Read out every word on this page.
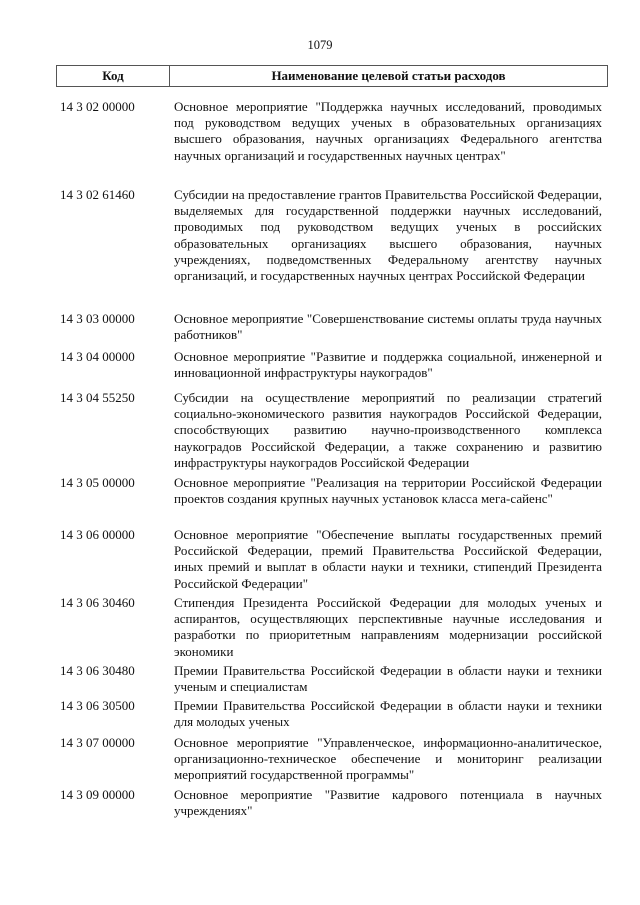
1079
Код	Наименование целевой статьи расходов
14 3 02 00000	Основное мероприятие "Поддержка научных исследований, проводимых под руководством ведущих ученых в образовательных организациях высшего образования, научных организациях Федерального агентства научных организаций и государственных научных центрах"
14 3 02 61460	Субсидии на предоставление грантов Правительства Российской Федерации, выделяемых для государственной поддержки научных исследований, проводимых под руководством ведущих ученых в российских образовательных организациях высшего образования, научных учреждениях, подведомственных Федеральному агентству научных организаций, и государственных научных центрах Российской Федерации
14 3 03 00000	Основное мероприятие "Совершенствование системы оплаты труда научных работников"
14 3 04 00000	Основное мероприятие "Развитие и поддержка социальной, инженерной и инновационной инфраструктуры наукоградов"
14 3 04 55250	Субсидии на осуществление мероприятий по реализации стратегий социально-экономического развития наукоградов Российской Федерации, способствующих развитию научно-производственного комплекса наукоградов Российской Федерации, а также сохранению и развитию инфраструктуры наукоградов Российской Федерации
14 3 05 00000	Основное мероприятие "Реализация на территории Российской Федерации проектов создания крупных научных установок класса мега-сайенс"
14 3 06 00000	Основное мероприятие "Обеспечение выплаты государственных премий Российской Федерации, премий Правительства Российской Федерации, иных премий и выплат в области науки и техники, стипендий Президента Российской Федерации"
14 3 06 30460	Стипендия Президента Российской Федерации для молодых ученых и аспирантов, осуществляющих перспективные научные исследования и разработки по приоритетным направлениям модернизации российской экономики
14 3 06 30480	Премии Правительства Российской Федерации в области науки и техники ученым и специалистам
14 3 06 30500	Премии Правительства Российской Федерации в области науки и техники для молодых ученых
14 3 07 00000	Основное мероприятие "Управленческое, информационно-аналитическое, организационно-техническое обеспечение и мониторинг реализации мероприятий государственной программы"
14 3 09 00000	Основное мероприятие "Развитие кадрового потенциала в научных учреждениях"
